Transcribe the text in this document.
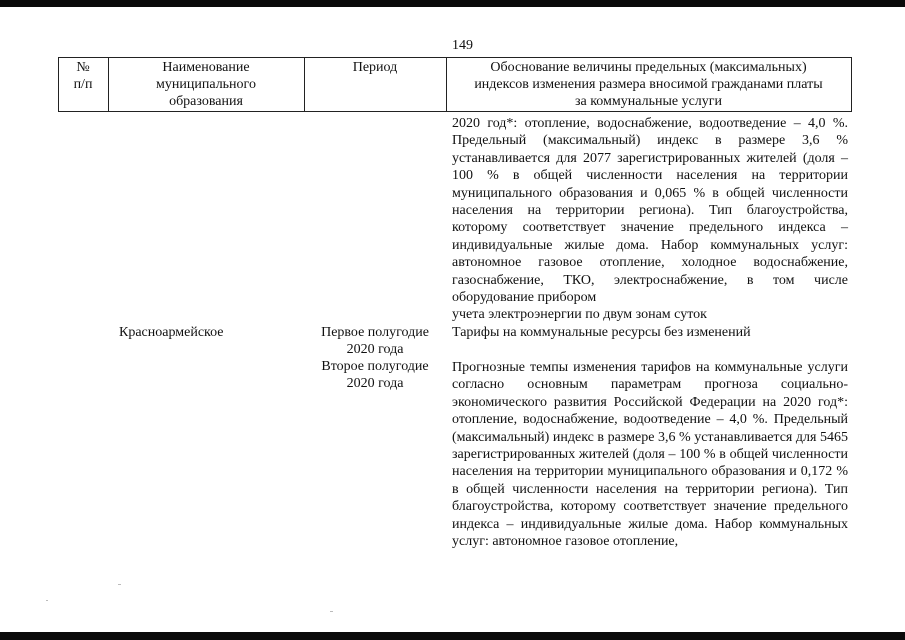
149
№
п/п
Наименование
муниципального
образования
Период	Обоснование величины предельных (максимальных)
индексов изменения размера вносимой гражданами платы
за коммунальные услуги
2020 год*: отопление, водоснабжение, водоотведение – 4,0 %. Предельный (максимальный) индекс в размере 3,6 % устанавливается для 2077 зарегистрированных жителей (доля – 100 % в общей численности населения на территории муниципального образования и 0,065 % в общей численности населения на территории региона). Тип благоустройства, которому соответствует значение предельного индекса – индивидуальные жилые дома. Набор коммунальных услуг: автономное газовое отопление, холодное водоснабжение, газоснабжение, ТКО, электроснабжение, в том числе оборудование прибором
учета электроэнергии по двум зонам суток
Красноармейское	Первое полугодие
2020 года
Тарифы на коммунальные ресурсы без изменений
Второе полугодие
2020 года
Прогнозные темпы изменения тарифов на коммунальные услуги согласно основным параметрам прогноза социально-экономического развития Российской Федерации на 2020 год*: отопление, водоснабжение, водоотведение – 4,0 %. Предельный (максимальный) индекс в размере 3,6 % устанавливается для 5465 зарегистрированных жителей (доля – 100 % в общей численности населения на территории муниципального образования и 0,172 % в общей численности населения на территории региона). Тип благоустройства, которому соответствует значение предельного индекса – индивидуальные жилые дома. Набор коммунальных услуг: автономное газовое отопление,
